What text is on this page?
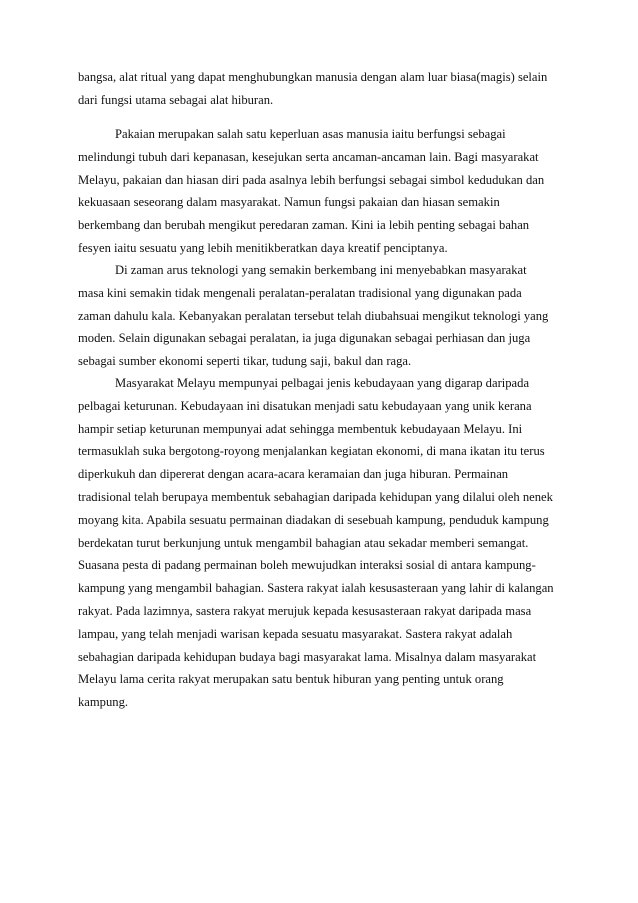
bangsa, alat ritual yang dapat menghubungkan manusia dengan alam luar biasa(magis) selain
dari fungsi utama sebagai alat hiburan.
Pakaian merupakan salah satu keperluan asas manusia iaitu berfungsi sebagai
melindungi tubuh dari kepanasan, kesejukan serta ancaman-ancaman lain. Bagi masyarakat
Melayu, pakaian dan hiasan diri pada asalnya lebih berfungsi sebagai simbol kedudukan dan
kekuasaan seseorang dalam masyarakat. Namun fungsi pakaian dan hiasan semakin
berkembang dan berubah mengikut peredaran zaman. Kini ia lebih penting sebagai bahan
fesyen iaitu sesuatu yang lebih menitikberatkan daya kreatif penciptanya.
Di zaman arus teknologi yang semakin berkembang ini menyebabkan masyarakat
masa kini semakin tidak mengenali peralatan-peralatan tradisional yang digunakan pada
zaman dahulu kala. Kebanyakan peralatan tersebut telah diubahsuai mengikut teknologi yang
moden. Selain digunakan sebagai peralatan, ia juga digunakan sebagai perhiasan dan juga
sebagai sumber ekonomi seperti tikar, tudung saji, bakul dan raga.
Masyarakat Melayu mempunyai pelbagai jenis kebudayaan yang digarap daripada
pelbagai keturunan. Kebudayaan ini disatukan menjadi satu kebudayaan yang unik kerana
hampir setiap keturunan mempunyai adat sehingga membentuk kebudayaan Melayu. Ini
termasuklah suka bergotong-royong menjalankan kegiatan ekonomi, di mana ikatan itu terus
diperkukuh dan dipererat dengan acara-acara keramaian dan juga hiburan. Permainan
tradisional telah berupaya membentuk sebahagian daripada kehidupan yang dilalui oleh nenek
moyang kita. Apabila sesuatu permainan diadakan di sesebuah kampung, penduduk kampung
berdekatan turut berkunjung untuk mengambil bahagian atau sekadar memberi semangat.
Suasana pesta di padang permainan boleh mewujudkan interaksi sosial di antara kampung-
kampung yang mengambil bahagian. Sastera rakyat ialah kesusasteraan yang lahir di kalangan
rakyat. Pada lazimnya, sastera rakyat merujuk kepada kesusasteraan rakyat daripada masa
lampau, yang telah menjadi warisan kepada sesuatu masyarakat. Sastera rakyat adalah
sebahagian daripada kehidupan budaya bagi masyarakat lama. Misalnya dalam masyarakat
Melayu lama cerita rakyat merupakan satu bentuk hiburan yang penting untuk orang
kampung.
